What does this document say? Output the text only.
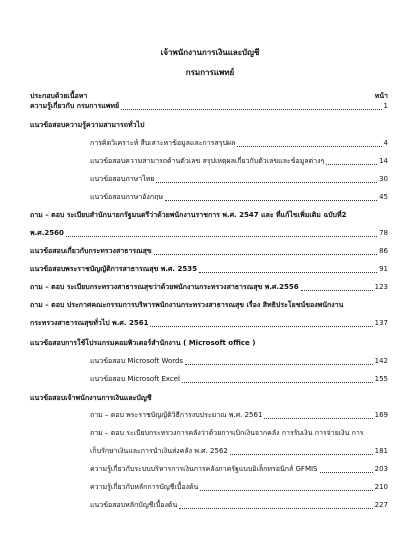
เจ้าพนักงานการเงินและบัญชี
กรมการแพทย์
ประกอบด้วยเนื้อหา	หน้า
ความรู้เกี่ยวกับ กรมการแพทย์	1
แนวข้อสอบความรู้ความสามารถทั่วไป
การคิดวิเคราะห์ สืบเสาะหาข้อมูลและการสรุปผล	4
แนวข้อสอบความสามารถด้านตัวเลข สรุปเหตุผลเกี่ยวกับตัวเลขและข้อมูลต่างๆ	14
แนวข้อสอบภาษาไทย	30
แนวข้อสอบภาษาอังกฤษ	45
ถาม – ตอบ ระเบียบสำนักนายกรัฐมนตรีว่าด้วยพนักงานราชการ พ.ศ. 2547 และ ที่แก้ไขเพิ่มเติม ฉบับที่2
พ.ศ.2560	78
แนวข้อสอบเกี่ยวกับกระทรวงสาธารณสุข	86
แนวข้อสอบพระราชบัญญัติการสาธารณสุข พ.ศ. 2535	91
ถาม – ตอบ ระเบียบกระทรวงสาธารณสุขว่าด้วยพนักงานกระทรวงสาธารณสุข พ.ศ.2556	123
ถาม – ตอบ ประกาศคณะกรรมการบริหารพนักงานกระทรวงสาธารณสุข เรื่อง สิทธิประโยชน์ของพนักงาน
กระทรวงสาธารณสุขทั่วไป พ.ศ. 2561	137
แนวข้อสอบการใช้โปรแกรมคอมพิวเตอร์สำนักงาน ( Microsoft office )
แนวข้อสอบ Microsoft Words	142
แนวข้อสอบ Microsoft Excel	155
แนวข้อสอบเจ้าพนักงานการเงินและบัญชี
ถาม – ตอบ พระราชบัญญัติวิธีการงบประมาณ พ.ศ. 2561	169
ถาม – ตอบ ระเบียบกระทรวงการคลังว่าด้วยการเบิกเงินจากคลัง การรับเงิน การจ่ายเงิน การ
เก็บรักษาเงินและการนำเงินส่งคลัง พ.ศ. 2562	181
ความรู้เกี่ยวกับระบบบริหารการเงินการคลังภาครัฐแบบอิเล็กทรอนิกส์ GFMIS	203
ความรู้เกี่ยวกับหลักการบัญชีเบื้องต้น	210
แนวข้อสอบหลักบัญชีเบื้องต้น	227
